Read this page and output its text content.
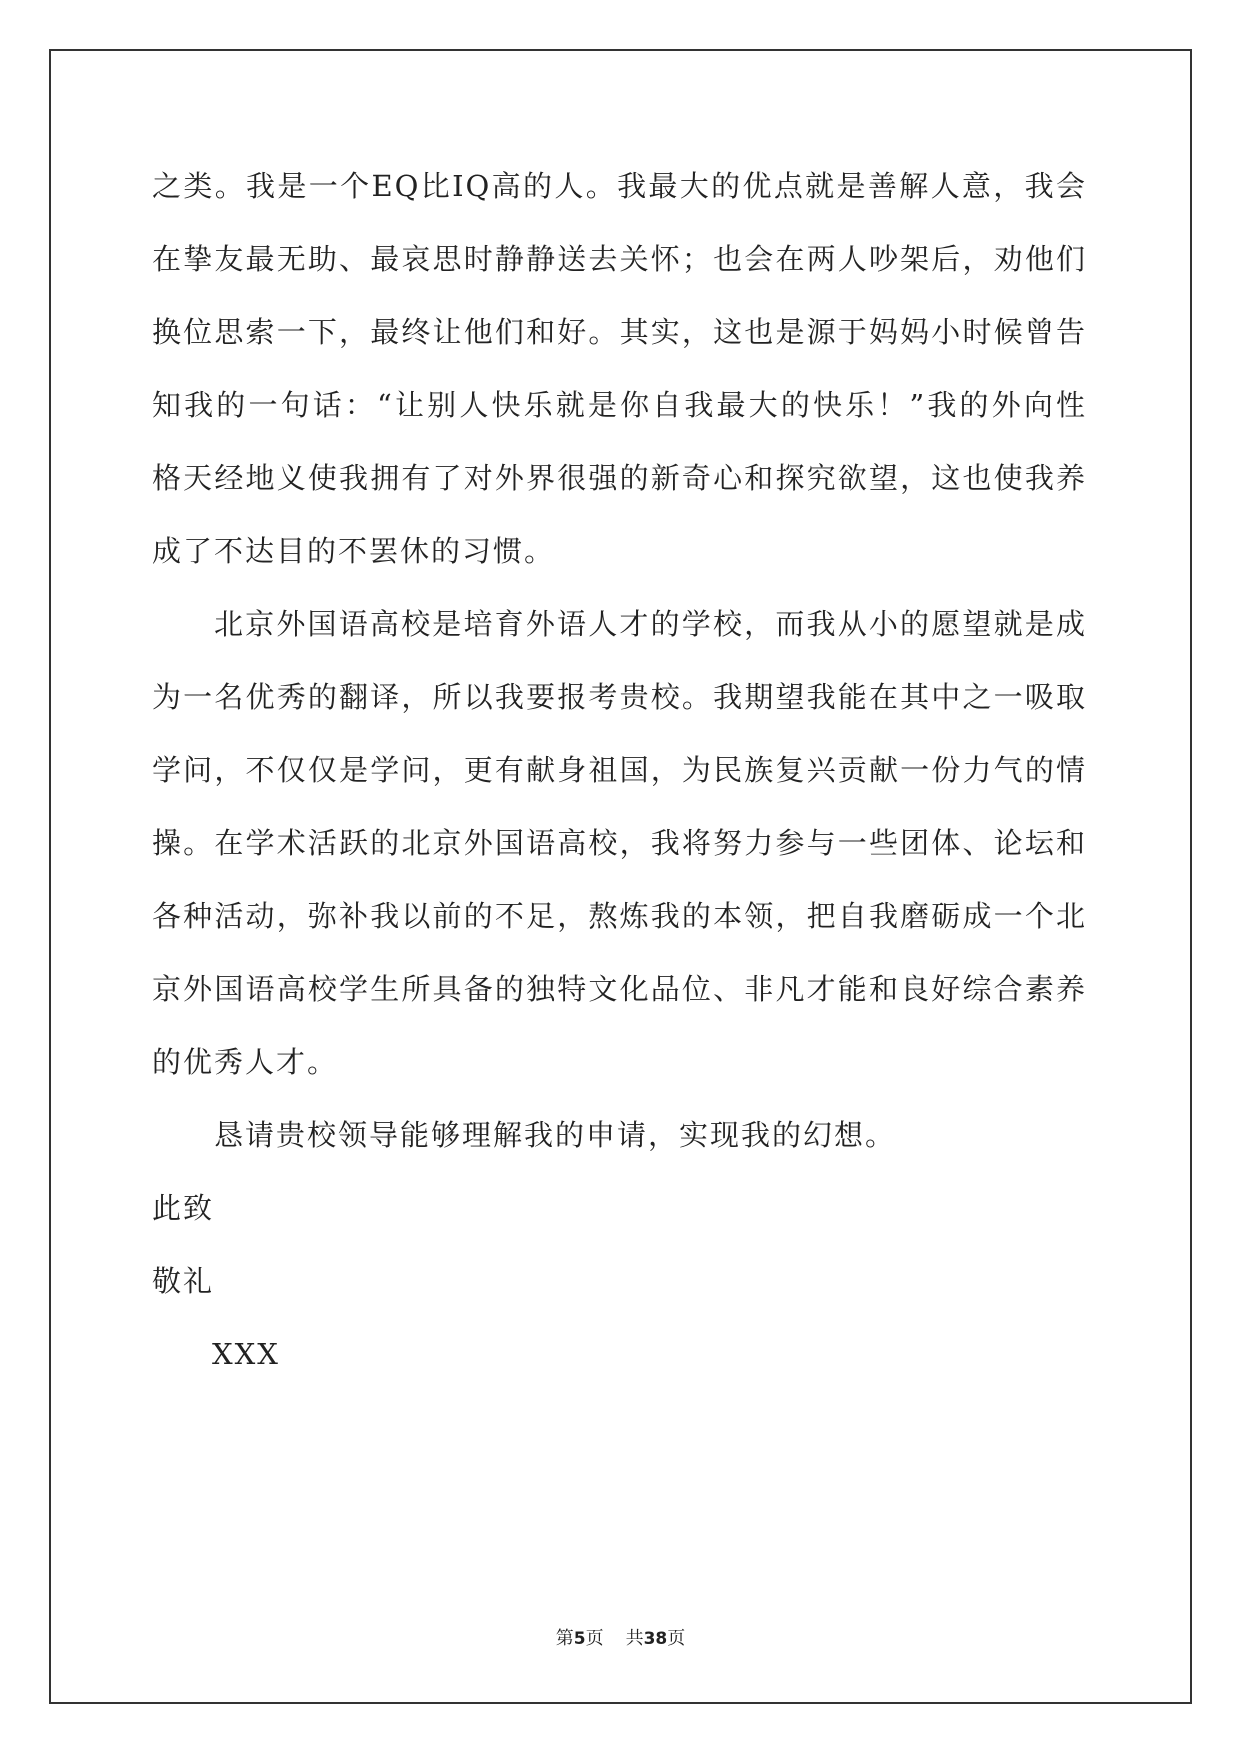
之类。我是一个EQ比IQ高的人。我最大的优点就是善解人意，我会
在挚友最无助、最哀思时静静送去关怀；也会在两人吵架后，劝他们
换位思索一下，最终让他们和好。其实，这也是源于妈妈小时候曾告
知我的一句话：“让别人快乐就是你自我最大的快乐！”我的外向性
格天经地义使我拥有了对外界很强的新奇心和探究欲望，这也使我养
成了不达目的不罢休的习惯。
北京外国语高校是培育外语人才的学校，而我从小的愿望就是成
为一名优秀的翻译，所以我要报考贵校。我期望我能在其中之一吸取
学问，不仅仅是学问，更有献身祖国，为民族复兴贡献一份力气的情
操。在学术活跃的北京外国语高校，我将努力参与一些团体、论坛和
各种活动，弥补我以前的不足，熬炼我的本领，把自我磨砺成一个北
京外国语高校学生所具备的独特文化品位、非凡才能和良好综合素养
的优秀人才。
恳请贵校领导能够理解我的申请，实现我的幻想。
此致
敬礼
XXX
第5页 共38页
